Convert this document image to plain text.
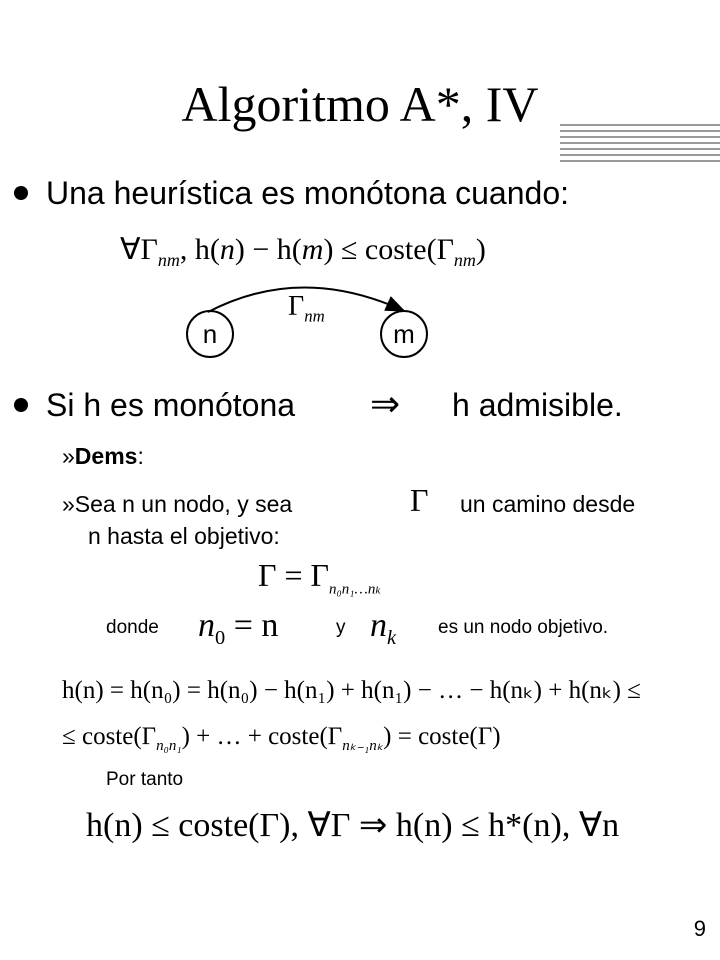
Algoritmo A*, IV
Una heurística es monótona cuando:
$\forall\Gamma_{nm}$, $h(n) - h(m) \le coste(\Gamma_{nm})$
n	m
$\Gamma_{nm}$
Si h es monótona ⇒ h admisible.
»Dems:
»Sea n un nodo, y sea	Γ un camino desde
n hasta el objetivo:
$\Gamma = \Gamma_{n_0n_1\dots nk}$
donde $n_0 = n$	y $n_k$ es un nodo objetivo.
h(n) = h(n₀) = h(n₀) − h(n₁) + h(n₁) − … − h(nₖ) + h(nₖ) ≤
≤ $coste(\Gamma_{n_0n_1})$ + … + $coste(\Gamma_{n_{k-1}n_k})$ = coste(Γ)
Por tanto
h(n) ≤ coste(Γ), ∀Γ ⇒ h(n) ≤ h*(n), ∀n
9
